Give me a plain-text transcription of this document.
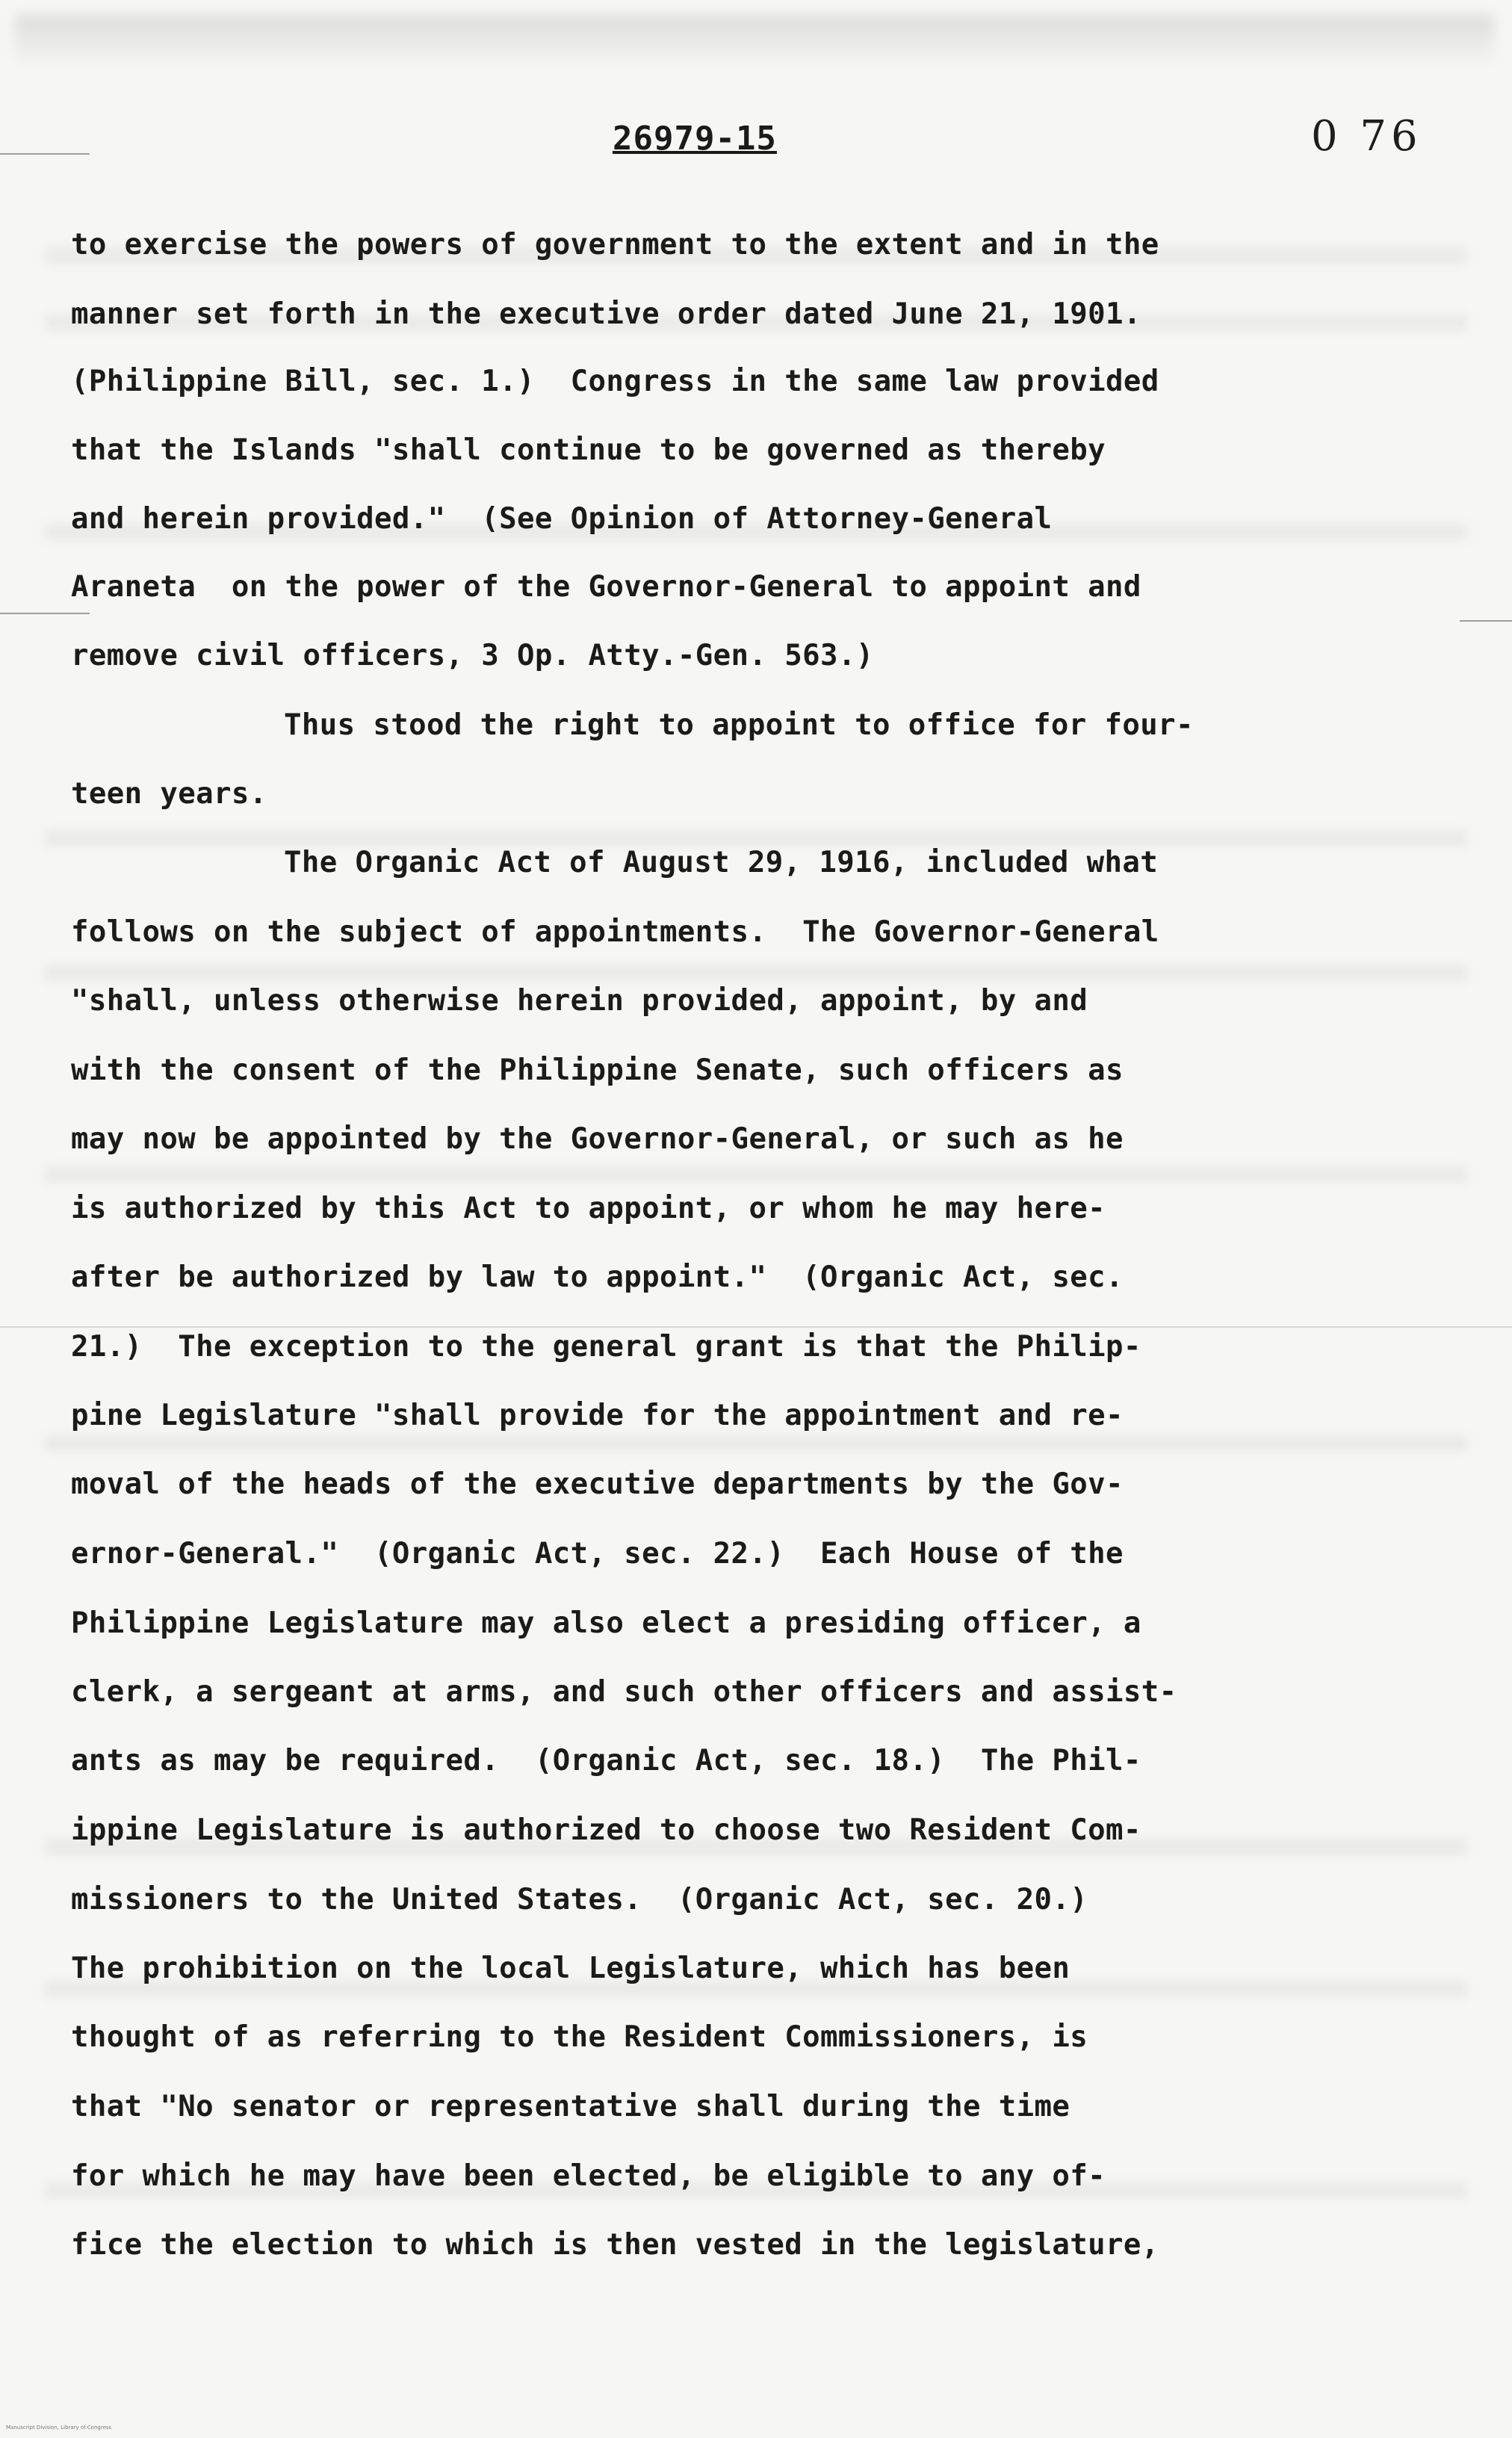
26979-15	0 76
to exercise the powers of government to the extent and in the
manner set forth in the executive order dated June 21, 1901.
(Philippine Bill, sec. 1.)  Congress in the same law provided
that the Islands "shall continue to be governed as thereby
and herein provided."  (See Opinion of Attorney-General
Araneta  on the power of the Governor-General to appoint and
remove civil officers, 3 Op. Atty.-Gen. 563.)
Thus stood the right to appoint to office for four-
teen years.
The Organic Act of August 29, 1916, included what
follows on the subject of appointments.  The Governor-General
"shall, unless otherwise herein provided, appoint, by and
with the consent of the Philippine Senate, such officers as
may now be appointed by the Governor-General, or such as he
is authorized by this Act to appoint, or whom he may here-
after be authorized by law to appoint."  (Organic Act, sec.
21.)  The exception to the general grant is that the Philip-
pine Legislature "shall provide for the appointment and re-
moval of the heads of the executive departments by the Gov-
ernor-General."  (Organic Act, sec. 22.)  Each House of the
Philippine Legislature may also elect a presiding officer, a
clerk, a sergeant at arms, and such other officers and assist-
ants as may be required.  (Organic Act, sec. 18.)  The Phil-
ippine Legislature is authorized to choose two Resident Com-
missioners to the United States.  (Organic Act, sec. 20.)
The prohibition on the local Legislature, which has been
thought of as referring to the Resident Commissioners, is
that "No senator or representative shall during the time
for which he may have been elected, be eligible to any of-
fice the election to which is then vested in the legislature,
Manuscript Division, Library of Congress
